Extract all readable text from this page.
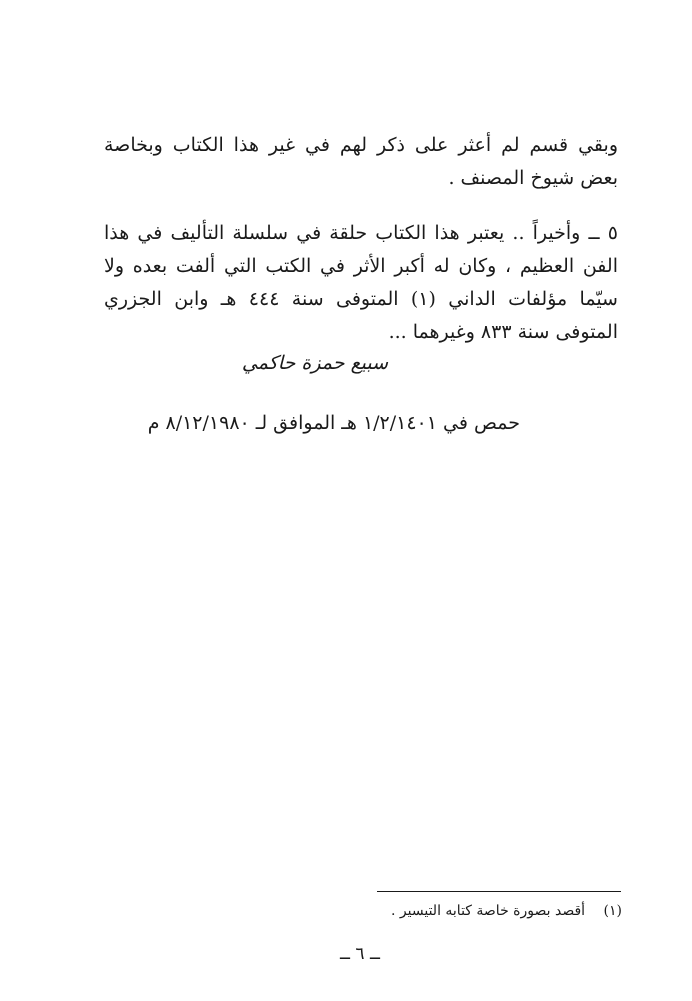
وبقي قسم لم أعثر على ذكر لهم في غير هذا الكتاب وبخاصة بعض شيوخ المصنف .

٥ ــ وأخيراً .. يعتبر هذا الكتاب حلقة في سلسلة التأليف في هذا الفن العظيم ، وكان له أكبر الأثر في الكتب التي ألفت بعده ولا سيّما مؤلفات الداني (١) المتوفى سنة ٤٤٤ هـ وابن الجزري المتوفى سنة ٨٣٣ وغيرهما ...

سبيع حمزة حاكمي
حمص في ١/٢/١٤٠١ هـ الموافق لـ ٨/١٢/١٩٨٠ م
(١) أقصد بصورة خاصة كتابه التيسير .
ــ ٦ ــ
